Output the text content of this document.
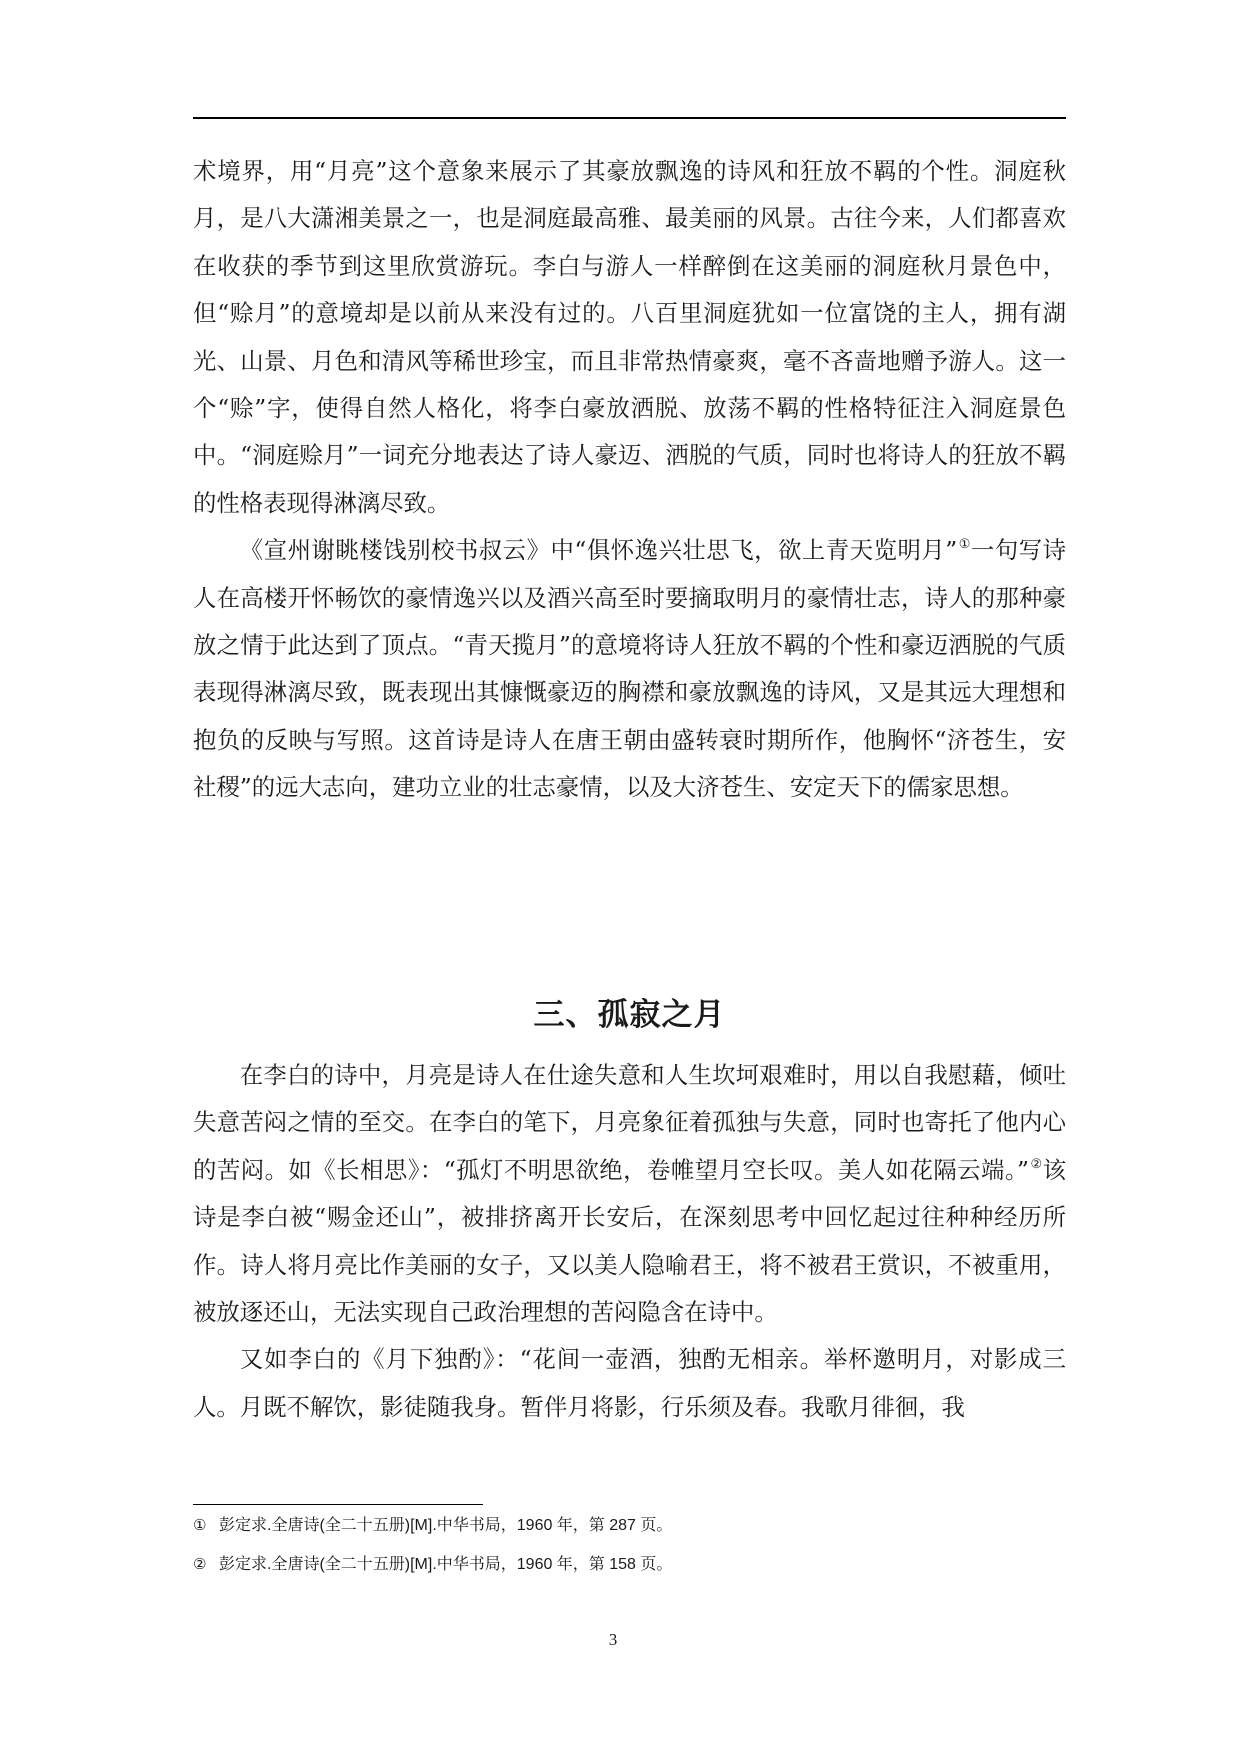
术境界，用“月亮”这个意象来展示了其豪放飘逸的诗风和狂放不羁的个性。洞庭秋月，是八大潇湘美景之一，也是洞庭最高雅、最美丽的风景。古往今来，人们都喜欢在收获的季节到这里欣赏游玩。李白与游人一样醉倒在这美丽的洞庭秋月景色中，但“赊月”的意境却是以前从来没有过的。八百里洞庭犹如一位富饶的主人，拥有湖光、山景、月色和清风等稀世珍宝，而且非常热情豪爽，毫不吝啬地赠予游人。这一个“赊”字，使得自然人格化，将李白豪放洒脱、放荡不羁的性格特征注入洞庭景色中。“洞庭赊月”一词充分地表达了诗人豪迈、洒脱的气质，同时也将诗人的狂放不羁的性格表现得淋漓尽致。

《宣州谢眺楼饯别校书叔云》中“俱怀逸兴壮思飞，欲上青天览明月”①一句写诗人在高楼开怀畅饮的豪情逸兴以及酒兴高至时要摘取明月的豪情壮志，诗人的那种豪放之情于此达到了顶点。“青天揽月”的意境将诗人狂放不羁的个性和豪迈洒脱的气质表现得淋漓尽致，既表现出其慷慨豪迈的胸襟和豪放飘逸的诗风，又是其远大理想和抱负的反映与写照。这首诗是诗人在唐王朝由盛转衰时期所作，他胸怀“济苍生，安社稷”的远大志向，建功立业的壮志豪情，以及大济苍生、安定天下的儒家思想。

三、孤寂之月

在李白的诗中，月亮是诗人在仕途失意和人生坎坷艰难时，用以自我慰藉，倾吐失意苦闷之情的至交。在李白的笔下，月亮象征着孤独与失意，同时也寄托了他内心的苦闷。如《长相思》：“孤灯不明思欲绝，卷帷望月空长叹。美人如花隔云端。”②该诗是李白被“赐金还山”，被排挤离开长安后，在深刻思考中回忆起过往种种经历所作。诗人将月亮比作美丽的女子，又以美人隐喻君王，将不被君王赏识，不被重用，被放逐还山，无法实现自己政治理想的苦闷隐含在诗中。

又如李白的《月下独酌》：“花间一壶酒，独酌无相亲。举杯邀明月，对影成三人。月既不解饮，影徒随我身。暂伴月将影，行乐须及春。我歌月徘徊，我

① 彭定求.全唐诗(全二十五册)[M].中华书局，1960 年，第 287 页。
② 彭定求.全唐诗(全二十五册)[M].中华书局，1960 年，第 158 页。
3
